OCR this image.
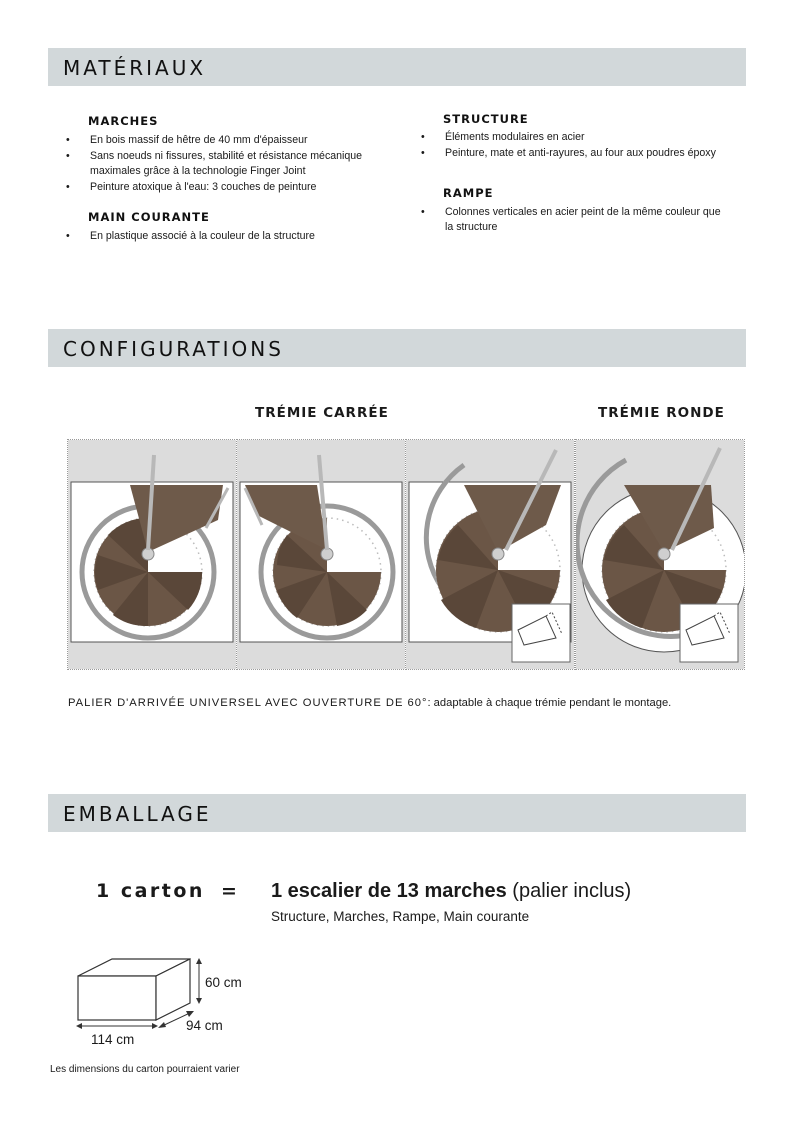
MATÉRIAUX
MARCHES
• En bois massif de hêtre de 40 mm d'épaisseur
• Sans noeuds ni fissures, stabilité et résistance mécanique maximales grâce à la technologie Finger Joint
• Peinture atoxique à l'eau: 3 couches de peinture
MAIN COURANTE
• En plastique associé à la couleur de la structure
STRUCTURE
• Éléments modulaires en acier
• Peinture, mate et anti-rayures, au four aux poudres époxy
RAMPE
• Colonnes verticales en acier peint de la même couleur que la structure
CONFIGURATIONS
TRÉMIE CARRÉE	TRÉMIE RONDE
PALIER D'ARRIVÉE UNIVERSEL AVEC OUVERTURE DE 60°: adaptable à chaque trémie pendant le montage.
EMBALLAGE
1 carton = 1 escalier de 13 marches (palier inclus)
Structure, Marches, Rampe, Main courante
60 cm
94 cm
114 cm
Les dimensions du carton pourraient varier
